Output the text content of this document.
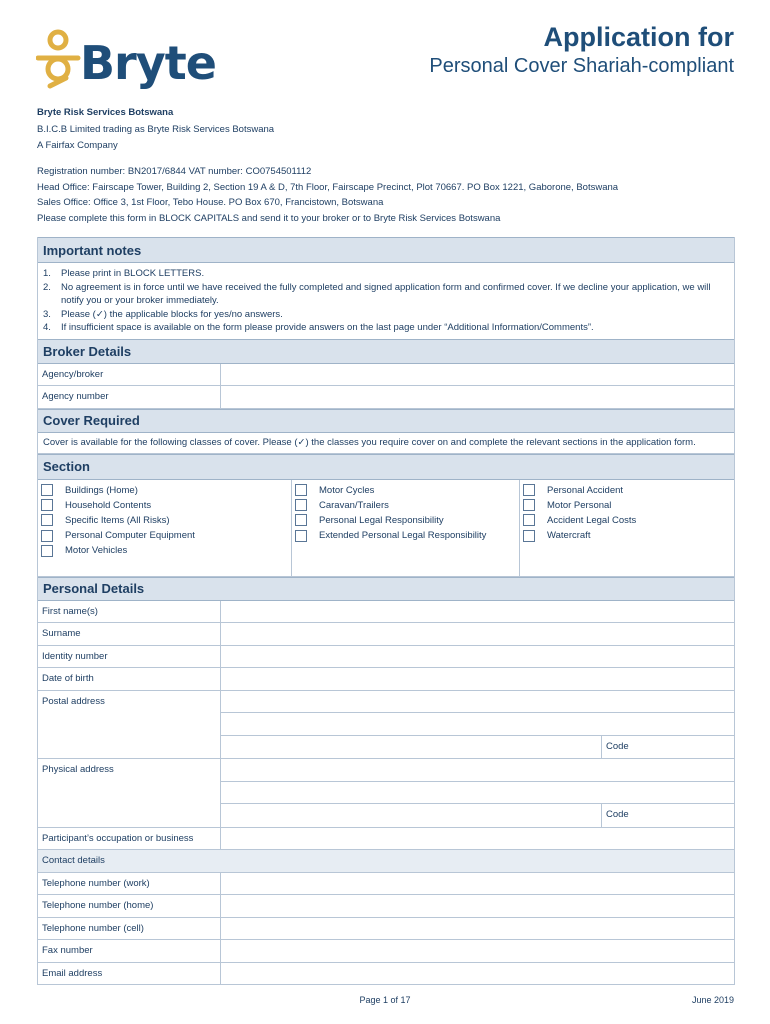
Bryte	Application for
Personal Cover Shariah-compliant
Bryte Risk Services Botswana
B.I.C.B Limited trading as Bryte Risk Services Botswana
A Fairfax Company
Registration number: BN2017/6844 VAT number: CO0754501112
Head Office: Fairscape Tower, Building 2, Section 19 A & D, 7th Floor, Fairscape Precinct, Plot 70667. PO Box 1221, Gaborone, Botswana
Sales Office: Office 3, 1st Floor, Tebo House. PO Box 670, Francistown, Botswana
Please complete this form in BLOCK CAPITALS and send it to your broker or to Bryte Risk Services Botswana
Important notes
1.	Please print in BLOCK LETTERS.
2.	No agreement is in force until we have received the fully completed and signed application form and confirmed cover. If we decline your application, we will notify you or your broker immediately.
3.	Please (✓) the applicable blocks for yes/no answers.
4.	If insufficient space is available on the form please provide answers on the last page under “Additional Information/Comments”.
Broker Details
Agency/broker
Agency number
Cover Required
Cover is available for the following classes of cover. Please (✓) the classes you require cover on and complete the relevant sections in the application form.
Section
Buildings (Home)
Household Contents
Specific Items (All Risks)
Personal Computer Equipment
Motor Vehicles
Motor Cycles
Caravan/Trailers
Personal Legal Responsibility
Extended Personal Legal Responsibility
Personal Accident
Motor Personal
Accident Legal Costs
Watercraft
Personal Details
First name(s)
Surname
Identity number
Date of birth
Postal address
Code
Physical address
Code
Participant’s occupation or business
Contact details
Telephone number (work)
Telephone number (home)
Telephone number (cell)
Fax number
Email address
Page 1 of 17	June 2019
